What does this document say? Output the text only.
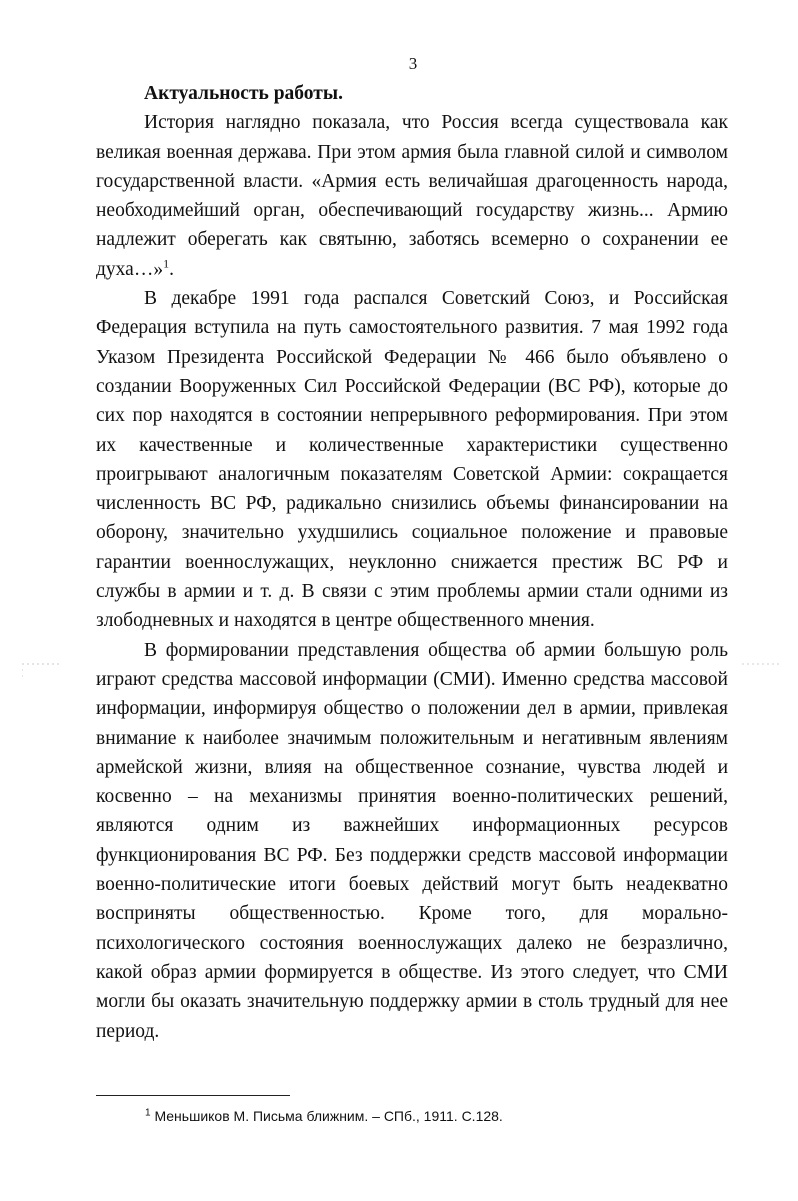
3

Актуальность работы.

История наглядно показала, что Россия всегда существовала как великая военная держава. При этом армия была главной силой и символом государственной власти. «Армия есть величайшая драгоценность народа, необходимейший орган, обеспечивающий государству жизнь... Армию надлежит оберегать как святыню, заботясь всемерно о сохранении ее духа…»$^1$.

В декабре 1991 года распался Советский Союз, и Российская Федерация вступила на путь самостоятельного развития. 7 мая 1992 года Указом Президента Российской Федерации № 466 было объявлено о создании Вооруженных Сил Российской Федерации (ВС РФ), которые до сих пор находятся в состоянии непрерывного реформирования. При этом их качественные и количественные характеристики существенно проигрывают аналогичным показателям Советской Армии: сокращается численность ВС РФ, радикально снизились объемы финансировании на оборону, значительно ухудшились социальное положение и правовые гарантии военнослужащих, неуклонно снижается престиж ВС РФ и службы в армии и т. д. В связи с этим проблемы армии стали одними из злободневных и находятся в центре общественного мнения.

В формировании представления общества об армии большую роль играют средства массовой информации (СМИ). Именно средства массовой информации, информируя общество о положении дел в армии, привлекая внимание к наиболее значимым положительным и негативным явлениям армейской жизни, влияя на общественное сознание, чувства людей и косвенно – на механизмы принятия военно-политических решений, являются одним из важнейших информационных ресурсов функционирования ВС РФ. Без поддержки средств массовой информации военно-политические итоги боевых действий могут быть неадекватно восприняты общественностью. Кроме того, для морально-психологического состояния военнослужащих далеко не безразлично, какой образ армии формируется в обществе. Из этого следует, что СМИ могли бы оказать значительную поддержку армии в столь трудный для нее период.

$^1$ Меньшиков М. Письма ближним. – СПб., 1911. С.128.
